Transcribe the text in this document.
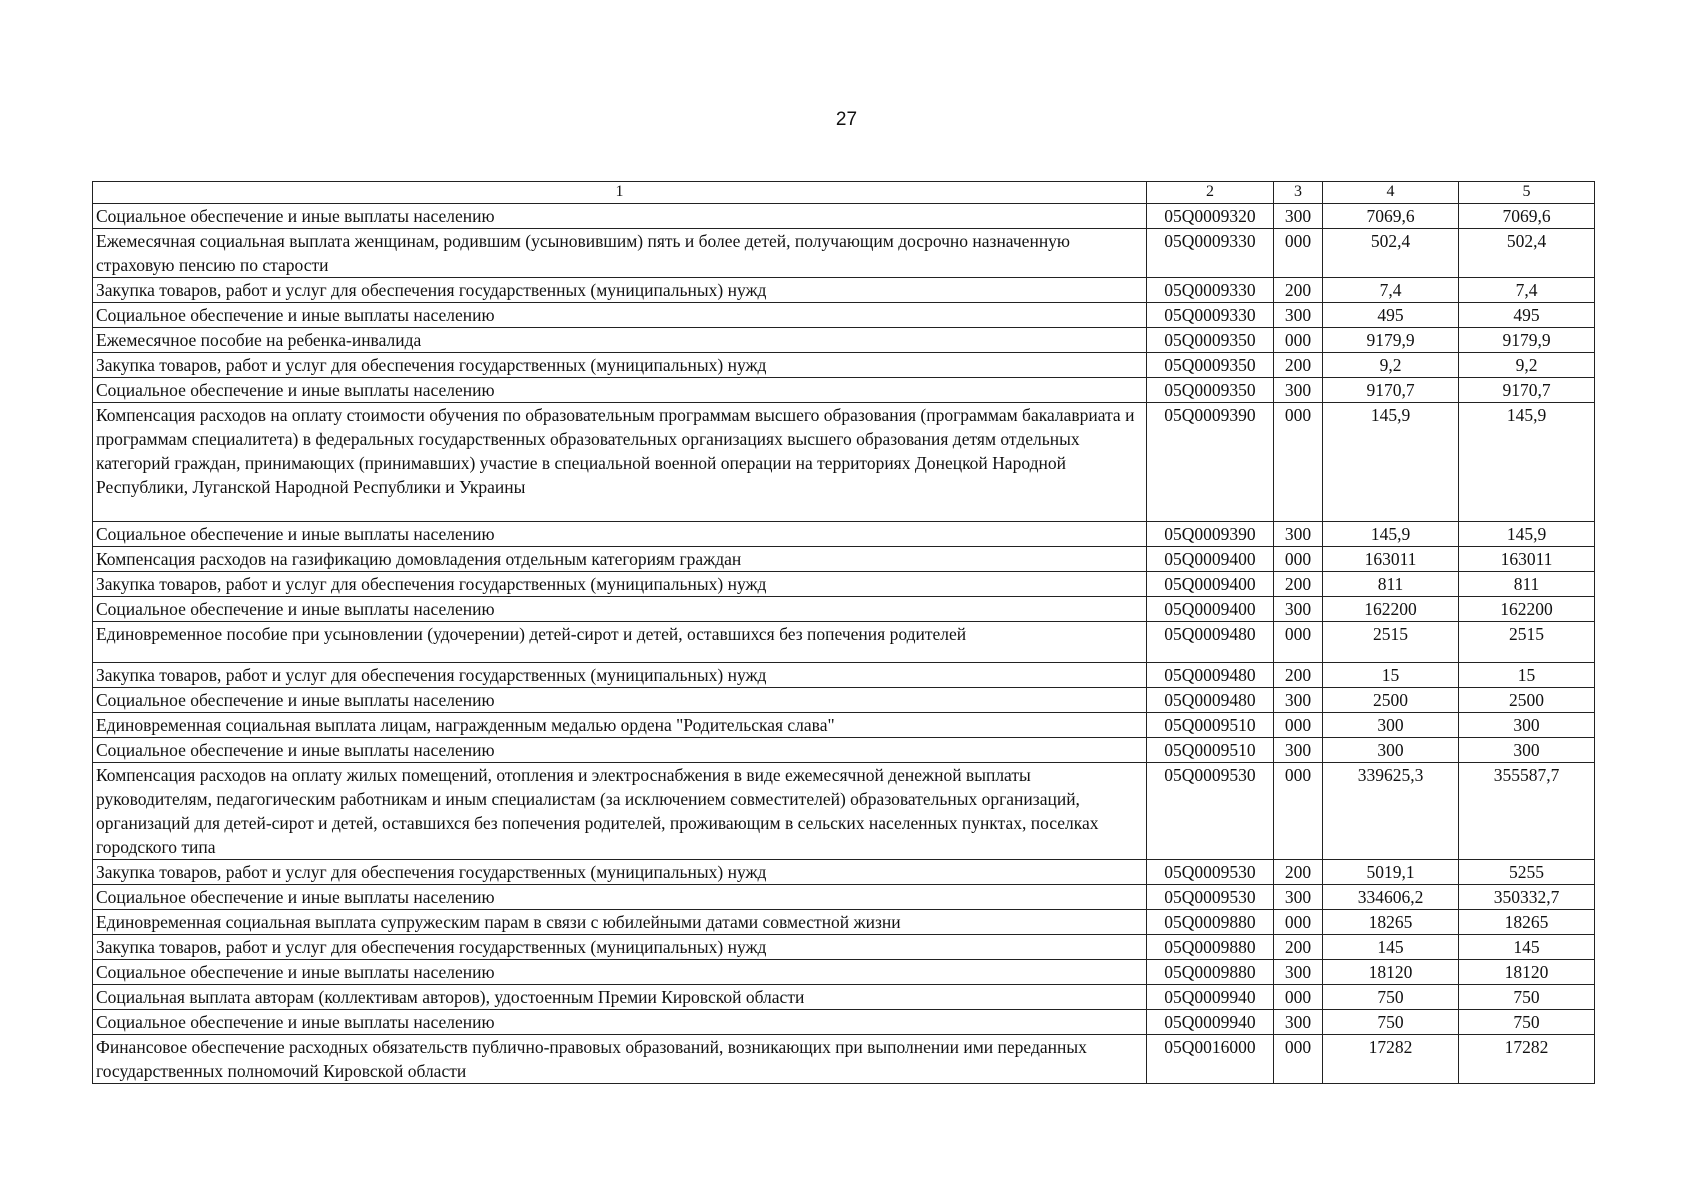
27
1	2	3	4	5
Социальное обеспечение и иные выплаты населению	05Q0009320	300	7069,6	7069,6
Ежемесячная социальная выплата женщинам, родившим (усыновившим) пять и более детей, получающим досрочно назначенную страховую пенсию по старости	05Q0009330	000	502,4	502,4
Закупка товаров, работ и услуг для обеспечения государственных (муниципальных) нужд	05Q0009330	200	7,4	7,4
Социальное обеспечение и иные выплаты населению	05Q0009330	300	495	495
Ежемесячное пособие на ребенка-инвалида	05Q0009350	000	9179,9	9179,9
Закупка товаров, работ и услуг для обеспечения государственных (муниципальных) нужд	05Q0009350	200	9,2	9,2
Социальное обеспечение и иные выплаты населению	05Q0009350	300	9170,7	9170,7
Компенсация расходов на оплату стоимости обучения по образовательным программам высшего образования (программам бакалавриата и программам специалитета) в федеральных государственных образовательных организациях высшего образования детям отдельных категорий граждан, принимающих (принимавших) участие в специальной военной операции на территориях Донецкой Народной Республики, Луганской Народной Республики и Украины	05Q0009390	000	145,9	145,9
Социальное обеспечение и иные выплаты населению	05Q0009390	300	145,9	145,9
Компенсация расходов на газификацию домовладения отдельным категориям граждан	05Q0009400	000	163011	163011
Закупка товаров, работ и услуг для обеспечения государственных (муниципальных) нужд	05Q0009400	200	811	811
Социальное обеспечение и иные выплаты населению	05Q0009400	300	162200	162200
Единовременное пособие при усыновлении (удочерении) детей-сирот и детей, оставшихся без попечения родителей	05Q0009480	000	2515	2515
Закупка товаров, работ и услуг для обеспечения государственных (муниципальных) нужд	05Q0009480	200	15	15
Социальное обеспечение и иные выплаты населению	05Q0009480	300	2500	2500
Единовременная социальная выплата лицам, награжденным медалью ордена "Родительская слава"	05Q0009510	000	300	300
Социальное обеспечение и иные выплаты населению	05Q0009510	300	300	300
Компенсация расходов на оплату жилых помещений, отопления и электроснабжения в виде ежемесячной денежной выплаты руководителям, педагогическим работникам и иным специалистам (за исключением совместителей) образовательных организаций, организаций для детей-сирот и детей, оставшихся без попечения родителей, проживающим в сельских населенных пунктах, поселках городского типа	05Q0009530	000	339625,3	355587,7
Закупка товаров, работ и услуг для обеспечения государственных (муниципальных) нужд	05Q0009530	200	5019,1	5255
Социальное обеспечение и иные выплаты населению	05Q0009530	300	334606,2	350332,7
Единовременная социальная выплата супружеским парам в связи с юбилейными датами совместной жизни	05Q0009880	000	18265	18265
Закупка товаров, работ и услуг для обеспечения государственных (муниципальных) нужд	05Q0009880	200	145	145
Социальное обеспечение и иные выплаты населению	05Q0009880	300	18120	18120
Социальная выплата авторам (коллективам авторов), удостоенным Премии Кировской области	05Q0009940	000	750	750
Социальное обеспечение и иные выплаты населению	05Q0009940	300	750	750
Финансовое обеспечение расходных обязательств публично-правовых образований, возникающих при выполнении ими переданных государственных полномочий Кировской области	05Q0016000	000	17282	17282
